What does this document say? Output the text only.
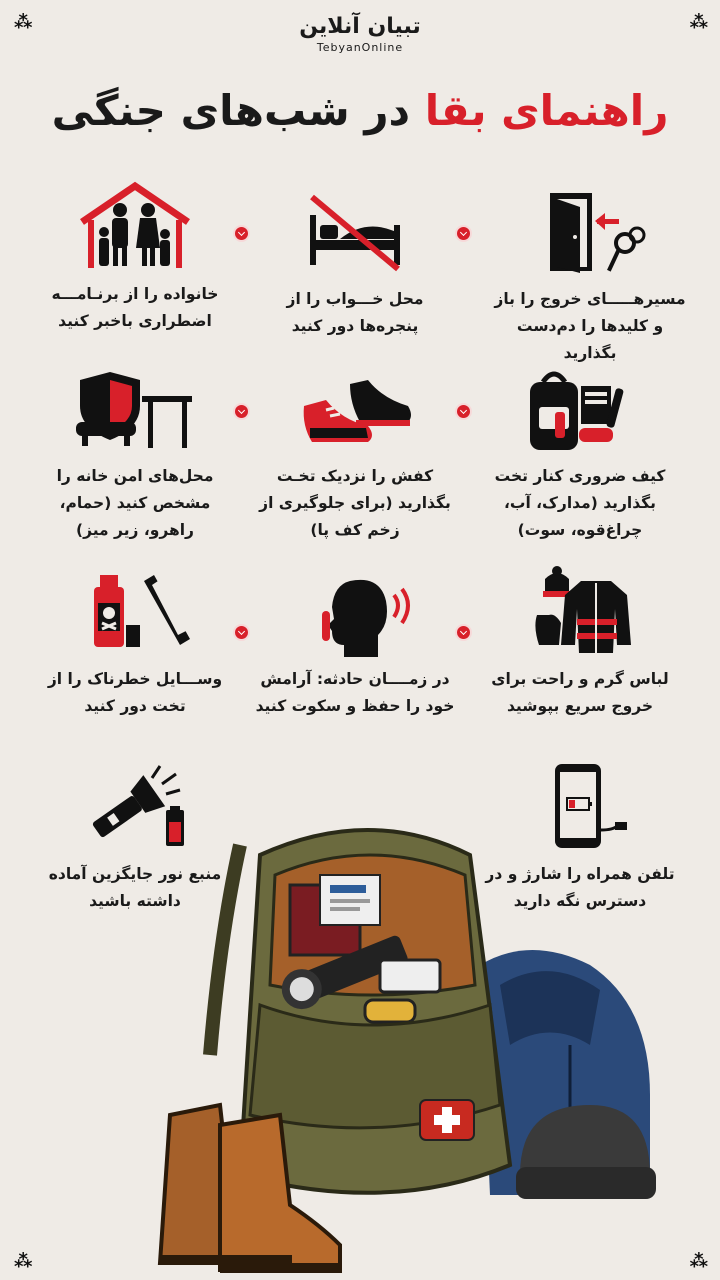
⁂	⁂
⁂	⁂
تبیان آنلاین
TebyanOnline
راهنمای بقا در شب‌های جنگی
مسیرهـــــای خروج را باز و کلیدها را دم‌دست بگذارید
محل خـــواب را از پنجره‌ها دور کنید
خانواده را از برنـامـــه اضطراری باخبر کنید
کیف ضروری کنار تخت بگذارید (مدارک، آب، چراغ‌قوه، سوت)
کفش را نزدیک تخـت بگذارید (برای جلوگیری از زخم کف پا)
محل‌های امن خانه را مشخص کنید (حمام، راهرو، زیر میز)
لباس گرم و راحت برای خروج سریع بپوشید
در زمــــان حادثه: آرامش خود را حفظ و سکوت کنید
وســـایل خطرناک را از تخت دور کنید
تلفن همراه را شارژ و در دسترس نگه دارید
منبع نور جایگزین آماده داشته باشید
